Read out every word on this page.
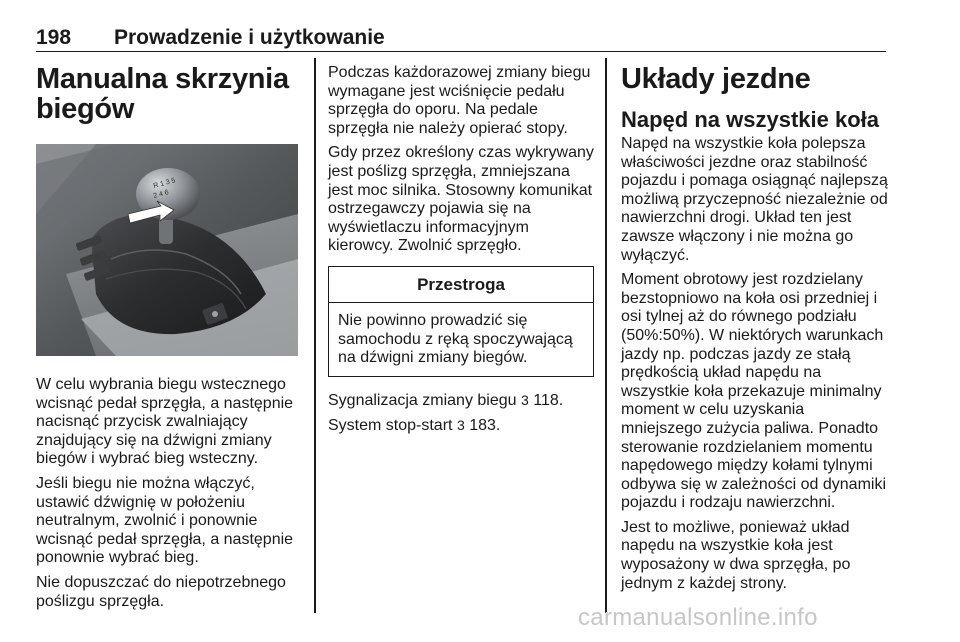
198 Prowadzenie i użytkowanie
Manualna skrzynia biegów
R 1 3 5
2 4 6

W celu wybrania biegu wstecznego wcisnąć pedał sprzęgła, a następnie nacisnąć przycisk zwalniający znajdujący się na dźwigni zmiany biegów i wybrać bieg wsteczny.

Jeśli biegu nie można włączyć, ustawić dźwignię w położeniu neutralnym, zwolnić i ponownie wcisnąć pedał sprzęgła, a następnie ponownie wybrać bieg.

Nie dopuszczać do niepotrzebnego poślizgu sprzęgła.

Podczas każdorazowej zmiany biegu wymagane jest wciśnięcie pedału sprzęgła do oporu. Na pedale sprzęgła nie należy opierać stopy.

Gdy przez określony czas wykrywany jest poślizg sprzęgła, zmniejszana jest moc silnika. Stosowny komunikat ostrzegawczy pojawia się na wyświetlaczu informacyjnym kierowcy. Zwolnić sprzęgło.

Przestroga

Nie powinno prowadzić się samochodu z ręką spoczywającą na dźwigni zmiany biegów.

Sygnalizacja zmiany biegu 3 118.

System stop-start 3 183.

Układy jezdne
Napęd na wszystkie koła

Napęd na wszystkie koła polepsza właściwości jezdne oraz stabilność pojazdu i pomaga osiągnąć najlepszą możliwą przyczepność niezależnie od nawierzchni drogi. Układ ten jest zawsze włączony i nie można go wyłączyć.

Moment obrotowy jest rozdzielany bezstopniowo na koła osi przedniej i osi tylnej aż do równego podziału (50%:50%). W niektórych warunkach jazdy np. podczas jazdy ze stałą prędkością układ napędu na wszystkie koła przekazuje minimalny moment w celu uzyskania mniejszego zużycia paliwa. Ponadto sterowanie rozdzielaniem momentu napędowego między kołami tylnymi odbywa się w zależności od dynamiki pojazdu i rodzaju nawierzchni.

Jest to możliwe, ponieważ układ napędu na wszystkie koła jest wyposażony w dwa sprzęgła, po jednym z każdej strony.

carmanualsonline.info
